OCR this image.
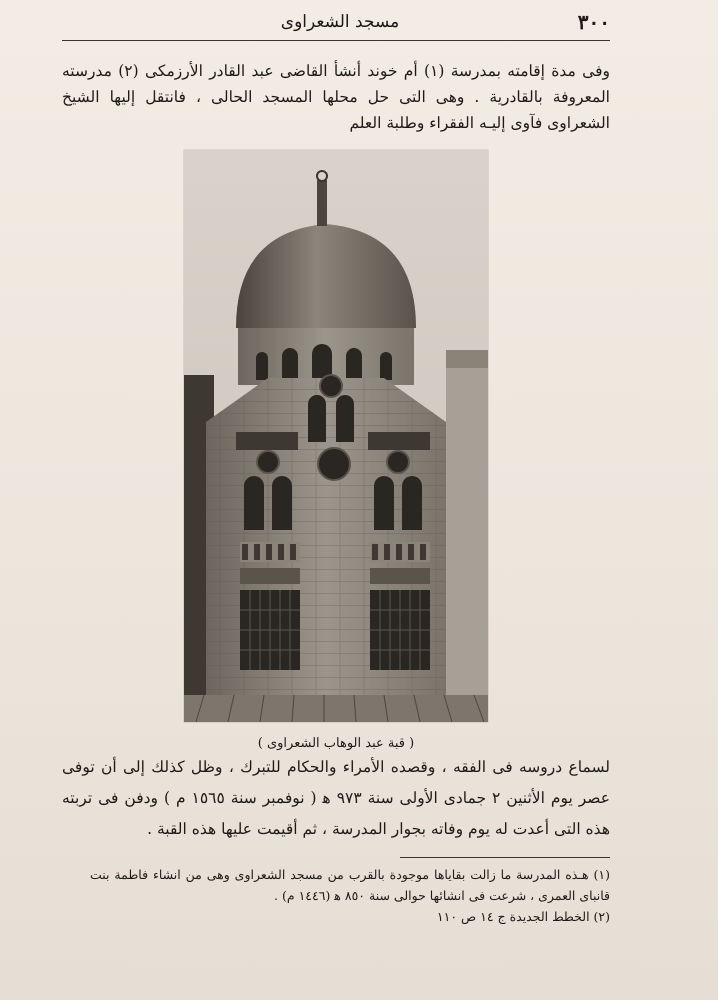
٣٠٠
مسجد الشعراوى
وفى مدة إقامته بمدرسة (١) أم خوند أنشأ القاضى عبد القادر الأرزمكى (٢) مدرسته المعروفة بالقادرية . وهى التى حل محلها المسجد الحالى ، فانتقل إليها الشيخ الشعراوى فآوى إليـه الفقراء وطلبة العلم
( قبة عبد الوهاب الشعراوى )
لسماع دروسه فى الفقه ، وقصده الأمراء والحكام للتبرك ، وظل كذلك إلى أن توفى عصر يوم الأثنين ٢ جمادى الأولى سنة ٩٧٣ ﻫ ( نوفمبر سنة ١٥٦٥ م ) ودفن فى تربته هذه التى أعدت له يوم وفاته بجوار المدرسة ، ثم أقيمت عليها هذه القبة .

(١) هـذه المدرسة ما زالت بقاياها موجودة بالقرب من مسجد الشعراوى وهى من انشاء فاطمة بنت قانباى العمرى ، شرعت فى انشائها حوالى سنة ٨٥٠ ﻫ (١٤٤٦ م) .

(٢) الخطط الجديدة ج ١٤ ص ١١٠
